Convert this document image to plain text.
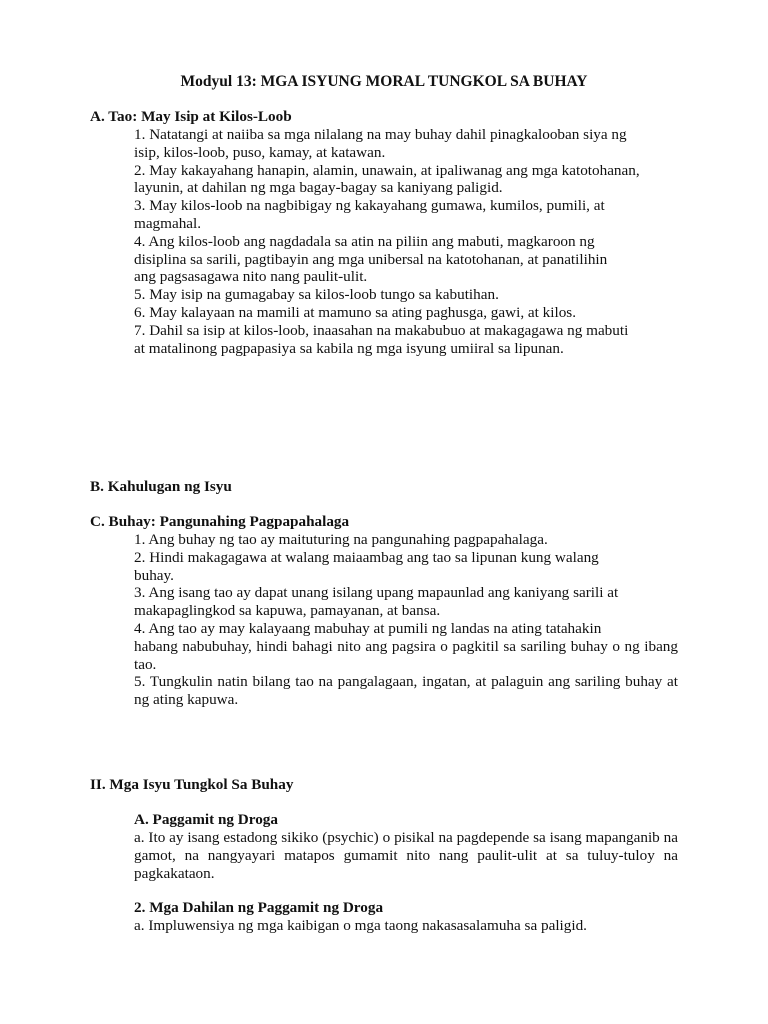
Modyul 13: MGA ISYUNG MORAL TUNGKOL SA BUHAY
A. Tao: May Isip at Kilos-Loob

1. Natatangi at naiiba sa mga nilalang na may buhay dahil pinagkalooban siya ng

isip, kilos-loob, puso, kamay, at katawan.

2. May kakayahang hanapin, alamin, unawain, at ipaliwanag ang mga katotohanan,

layunin, at dahilan ng mga bagay-bagay sa kaniyang paligid.

3. May kilos-loob na nagbibigay ng kakayahang gumawa, kumilos, pumili, at

magmahal.

4. Ang kilos-loob ang nagdadala sa atin na piliin ang mabuti, magkaroon ng

disiplina sa sarili, pagtibayin ang mga unibersal na katotohanan, at panatilihin

ang pagsasagawa nito nang paulit-ulit.

5. May isip na gumagabay sa kilos-loob tungo sa kabutihan.

6. May kalayaan na mamili at mamuno sa ating paghusga, gawi, at kilos.

7. Dahil sa isip at kilos-loob, inaasahan na makabubuo at makagagawa ng mabuti

at matalinong pagpapasiya sa kabila ng mga isyung umiiral sa lipunan.

B. Kahulugan ng Isyu
C. Buhay: Pangunahing Pagpapahalaga

1. Ang buhay ng tao ay maituturing na pangunahing pagpapahalaga.

2. Hindi makagagawa at walang maiaambag ang tao sa lipunan kung walang

buhay.

3. Ang isang tao ay dapat unang isilang upang mapaunlad ang kaniyang sarili at

makapaglingkod sa kapuwa, pamayanan, at bansa.

4. Ang tao ay may kalayaang mabuhay at pumili ng landas na ating tatahakin

habang nabubuhay, hindi bahagi nito ang pagsira o pagkitil sa sariling buhay o ng ibang tao.

5. Tungkulin natin bilang tao na pangalagaan, ingatan, at palaguin ang sariling buhay at ng ating kapuwa.

II. Mga Isyu Tungkol Sa Buhay
A. Paggamit ng Droga
a. Ito ay isang estadong sikiko (psychic) o pisikal na pagdepende sa isang mapanganib na gamot, na nangyayari matapos gumamit nito nang paulit-ulit at sa tuluy-tuloy na pagkakataon.
2. Mga Dahilan ng Paggamit ng Droga
a. Impluwensiya ng mga kaibigan o mga taong nakasasalamuha sa paligid.
